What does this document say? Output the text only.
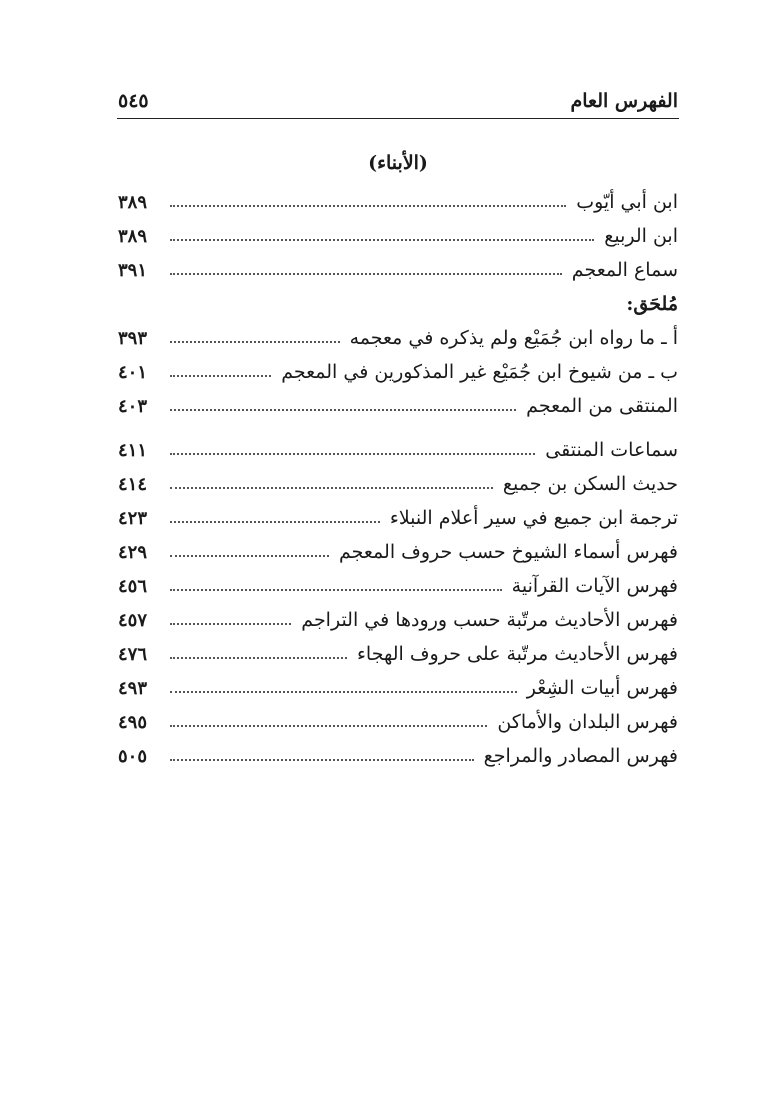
الفهرس العام
٥٤٥
(الأبناء)
ابن أبي أيّوب
٣٨٩
ابن الربيع
٣٨٩
سماع المعجم
٣٩١
مُلحَق:
أ ـ ما رواه ابن جُمَيْع ولم يذكره في معجمه
٣٩٣
ب ـ من شيوخ ابن جُمَيْع غير المذكورين في المعجم
٤٠١
المنتقى من المعجم
٤٠٣
سماعات المنتقى
٤١١
حديث السكن بن جميع
٤١٤
ترجمة ابن جميع في سير أعلام النبلاء
٤٢٣
فهرس أسماء الشيوخ حسب حروف المعجم
٤٢٩
فهرس الآيات القرآنية
٤٥٦
فهرس الأحاديث مرتّبة حسب ورودها في التراجم
٤٥٧
فهرس الأحاديث مرتّبة على حروف الهجاء
٤٧٦
فهرس أبيات الشِعْر
٤٩٣
فهرس البلدان والأماكن
٤٩٥
فهرس المصادر والمراجع
٥٠٥
